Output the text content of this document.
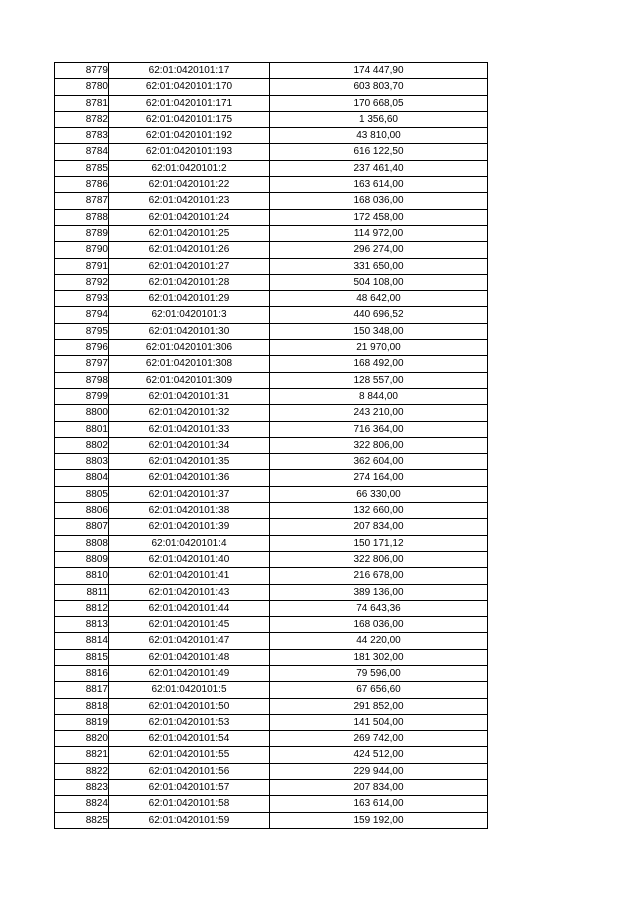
8779	62:01:0420101:17	174 447,90
8780	62:01:0420101:170	603 803,70
8781	62:01:0420101:171	170 668,05
8782	62:01:0420101:175	1 356,60
8783	62:01:0420101:192	43 810,00
8784	62:01:0420101:193	616 122,50
8785	62:01:0420101:2	237 461,40
8786	62:01:0420101:22	163 614,00
8787	62:01:0420101:23	168 036,00
8788	62:01:0420101:24	172 458,00
8789	62:01:0420101:25	114 972,00
8790	62:01:0420101:26	296 274,00
8791	62:01:0420101:27	331 650,00
8792	62:01:0420101:28	504 108,00
8793	62:01:0420101:29	48 642,00
8794	62:01:0420101:3	440 696,52
8795	62:01:0420101:30	150 348,00
8796	62:01:0420101:306	21 970,00
8797	62:01:0420101:308	168 492,00
8798	62:01:0420101:309	128 557,00
8799	62:01:0420101:31	8 844,00
8800	62:01:0420101:32	243 210,00
8801	62:01:0420101:33	716 364,00
8802	62:01:0420101:34	322 806,00
8803	62:01:0420101:35	362 604,00
8804	62:01:0420101:36	274 164,00
8805	62:01:0420101:37	66 330,00
8806	62:01:0420101:38	132 660,00
8807	62:01:0420101:39	207 834,00
8808	62:01:0420101:4	150 171,12
8809	62:01:0420101:40	322 806,00
8810	62:01:0420101:41	216 678,00
8811	62:01:0420101:43	389 136,00
8812	62:01:0420101:44	74 643,36
8813	62:01:0420101:45	168 036,00
8814	62:01:0420101:47	44 220,00
8815	62:01:0420101:48	181 302,00
8816	62:01:0420101:49	79 596,00
8817	62:01:0420101:5	67 656,60
8818	62:01:0420101:50	291 852,00
8819	62:01:0420101:53	141 504,00
8820	62:01:0420101:54	269 742,00
8821	62:01:0420101:55	424 512,00
8822	62:01:0420101:56	229 944,00
8823	62:01:0420101:57	207 834,00
8824	62:01:0420101:58	163 614,00
8825	62:01:0420101:59	159 192,00
